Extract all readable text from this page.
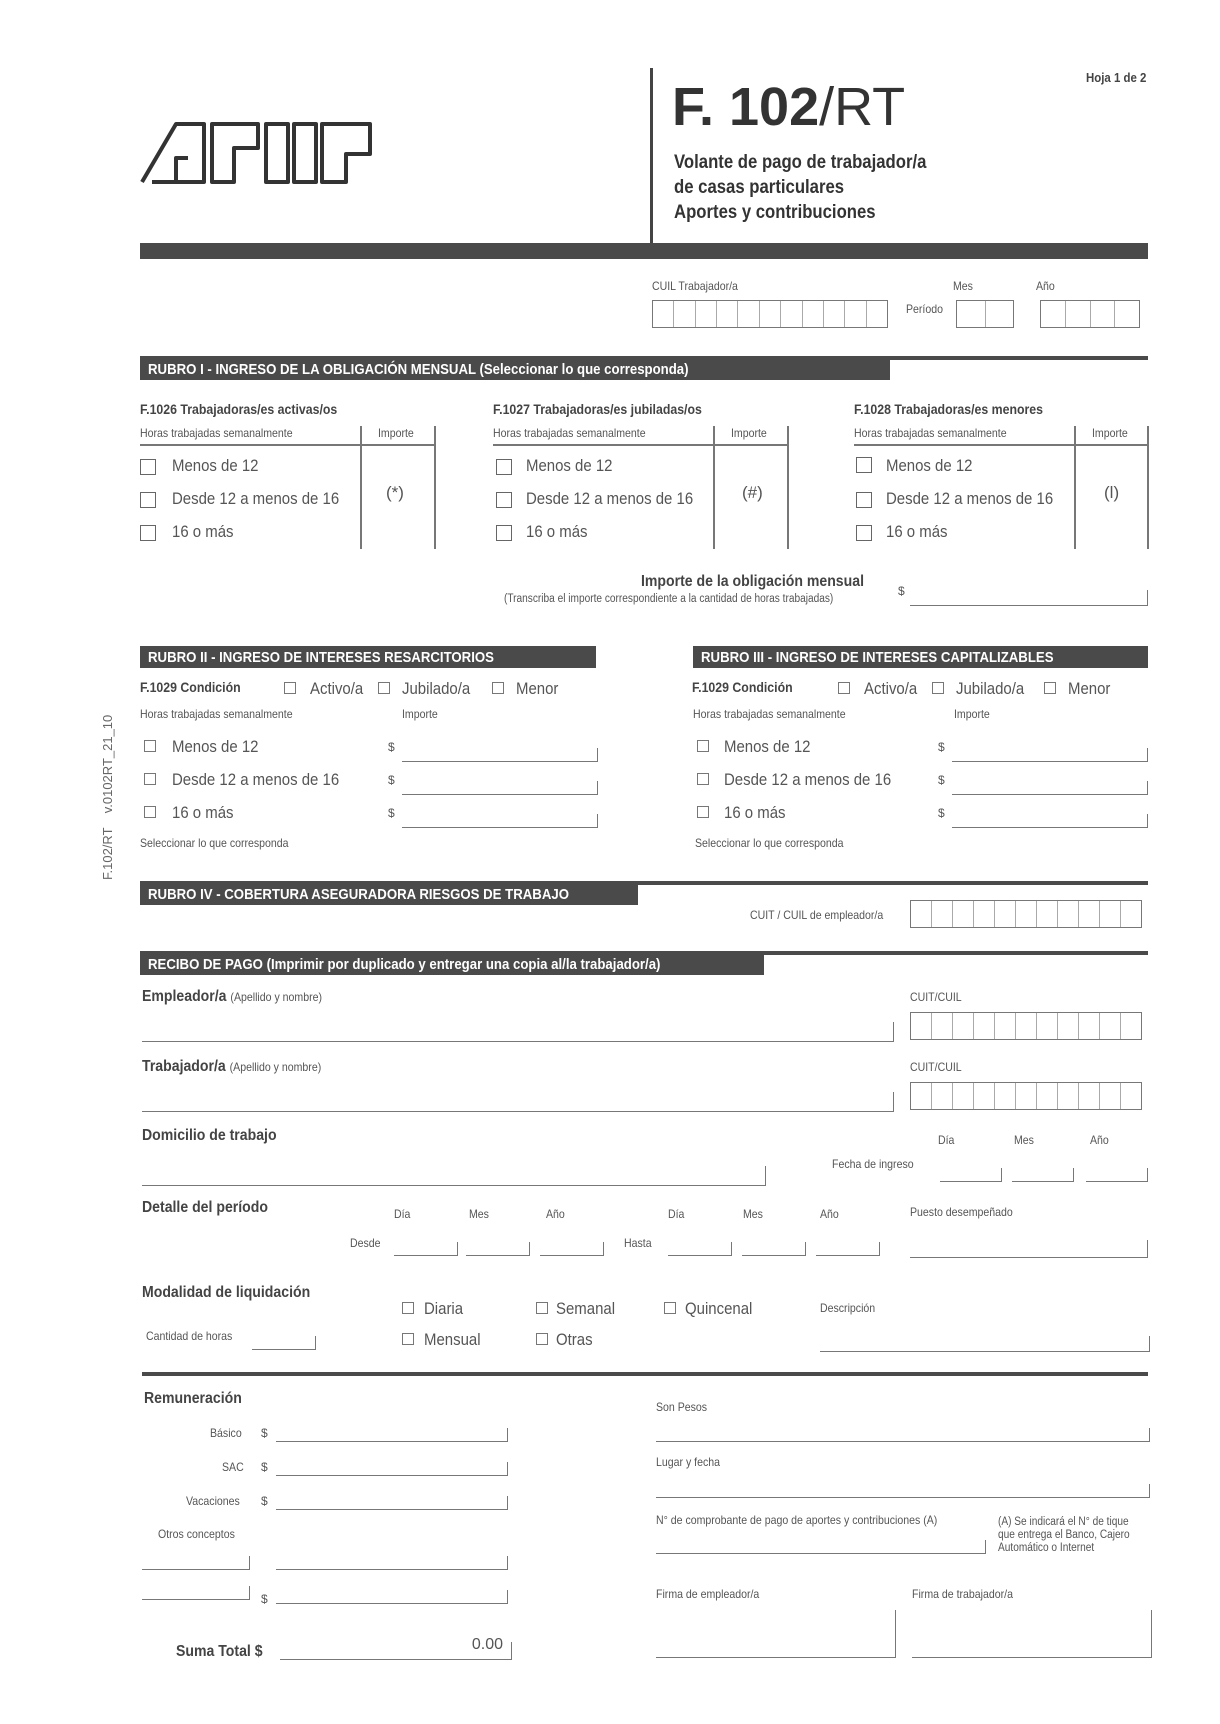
Hoja 1 de 2
F. 102/RT
Volante de pago de trabajador/a
de casas particulares
Aportes y contribuciones
CUIL Trabajador/a	Mes	Año
Período
F.102/RT    v.0102RT_21_10
RUBRO I - INGRESO DE LA OBLIGACIÓN MENSUAL (Seleccionar lo que corresponda)
F.1026 Trabajadoras/es activas/os
Horas trabajadas semanalmente	Importe
Menos de 12
Desde 12 a menos de 16
16 o más
(*)
F.1027 Trabajadoras/es jubiladas/os
Horas trabajadas semanalmente	Importe
Menos de 12
Desde 12 a menos de 16
16 o más
(#)
F.1028 Trabajadoras/es menores
Horas trabajadas semanalmente	Importe
Menos de 12
Desde 12 a menos de 16
16 o más
(l)
Importe de la obligación mensual
(Transcriba el importe correspondiente a la cantidad de horas trabajadas)
$
RUBRO II - INGRESO DE INTERESES RESARCITORIOS
F.1029 Condición	Activo/a Jubilado/a	Menor
Horas trabajadas semanalmente	Importe
Menos de 12	$
Desde 12 a menos de 16	$
16 o más	$
Seleccionar lo que corresponda
RUBRO III - INGRESO DE INTERESES CAPITALIZABLES
F.1029 Condición	Activo/a Jubilado/a	Menor
Horas trabajadas semanalmente	Importe
Menos de 12	$
Desde 12 a menos de 16	$
16 o más	$
Seleccionar lo que corresponda
RUBRO IV - COBERTURA ASEGURADORA RIESGOS DE TRABAJO
CUIT / CUIL de empleador/a
RECIBO DE PAGO (Imprimir por duplicado y entregar una copia al/la trabajador/a)
Empleador/a (Apellido y nombre)	CUIT/CUIL
Trabajador/a (Apellido y nombre)	CUIT/CUIL
Domicilio de trabajo	Día	Mes	Año
Fecha de ingreso
Detalle del período	Día	Mes	Año	Día	Mes	Año
Desde	Hasta
Puesto desempeñado
Modalidad de liquidación
Diaria	Semanal	Quincenal
Mensual	Otras
Cantidad de horas
Descripción
Remuneración
Básico $
SAC $
Vacaciones $
Otros conceptos
$
Suma Total $	0.00
Son Pesos
Lugar y fecha
N° de comprobante de pago de aportes y contribuciones (A)	(A) Se indicará el N° de tique que entrega el Banco, Cajero Automático o Internet
Firma de empleador/a	Firma de trabajador/a
